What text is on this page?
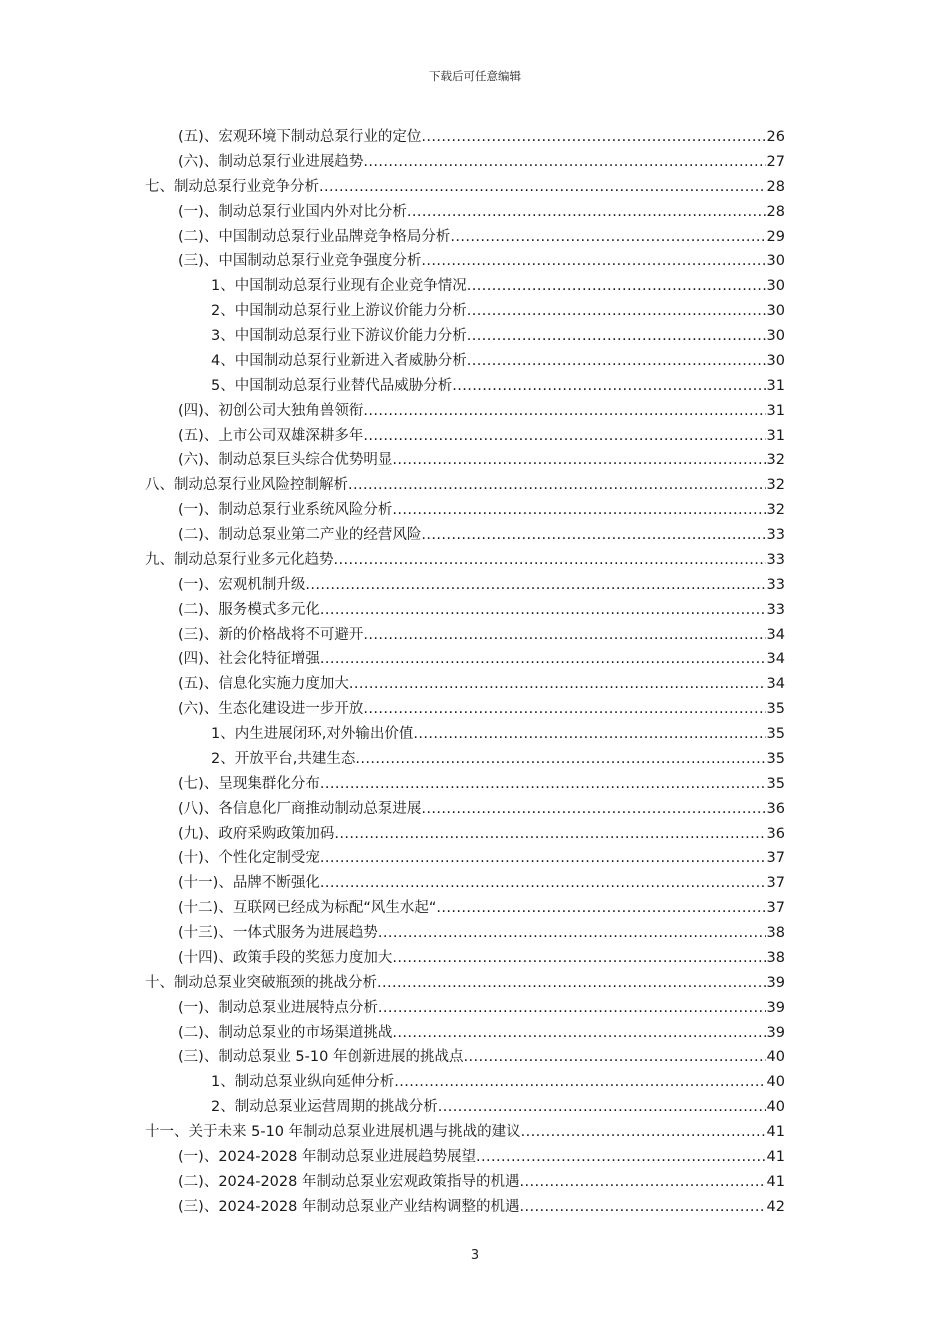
下载后可任意编辑
(五)、宏观环境下制动总泵行业的定位 .....	26
(六)、制动总泵行业进展趋势 .....	27
七、制动总泵行业竞争分析 .....	28
(一)、制动总泵行业国内外对比分析 .....	28
(二)、中国制动总泵行业品牌竞争格局分析 .....	29
(三)、中国制动总泵行业竞争强度分析 .....	30
1、中国制动总泵行业现有企业竞争情况 .....	30
2、中国制动总泵行业上游议价能力分析 .....	30
3、中国制动总泵行业下游议价能力分析 .....	30
4、中国制动总泵行业新进入者威胁分析 .....	30
5、中国制动总泵行业替代品威胁分析 .....	31
(四)、初创公司大独角兽领衔 .....	31
(五)、上市公司双雄深耕多年 .....	31
(六)、制动总泵巨头综合优势明显 .....	32
八、制动总泵行业风险控制解析 .....	32
(一)、制动总泵行业系统风险分析 .....	32
(二)、制动总泵业第二产业的经营风险 .....	33
九、制动总泵行业多元化趋势 .....	33
(一)、宏观机制升级 .....	33
(二)、服务模式多元化 .....	33
(三)、新的价格战将不可避开 .....	34
(四)、社会化特征增强 .....	34
(五)、信息化实施力度加大 .....	34
(六)、生态化建设进一步开放 .....	35
1、内生进展闭环,对外输出价值 .....	35
2、开放平台,共建生态 .....	35
(七)、呈现集群化分布 .....	35
(八)、各信息化厂商推动制动总泵进展 .....	36
(九)、政府采购政策加码 .....	36
(十)、个性化定制受宠 .....	37
(十一)、品牌不断强化 .....	37
(十二)、互联网已经成为标配“风生水起“ .....	37
(十三)、一体式服务为进展趋势 .....	38
(十四)、政策手段的奖惩力度加大 .....	38
十、制动总泵业突破瓶颈的挑战分析 .....	39
(一)、制动总泵业进展特点分析 .....	39
(二)、制动总泵业的市场渠道挑战 .....	39
(三)、制动总泵业 5-10 年创新进展的挑战点 .....	40
1、制动总泵业纵向延伸分析 .....	40
2、制动总泵业运营周期的挑战分析 .....	40
十一、关于未来 5-10 年制动总泵业进展机遇与挑战的建议 .....	41
(一)、2024-2028 年制动总泵业进展趋势展望 .....	41
(二)、2024-2028 年制动总泵业宏观政策指导的机遇 .....	41
(三)、2024-2028 年制动总泵业产业结构调整的机遇 .....	42
3
